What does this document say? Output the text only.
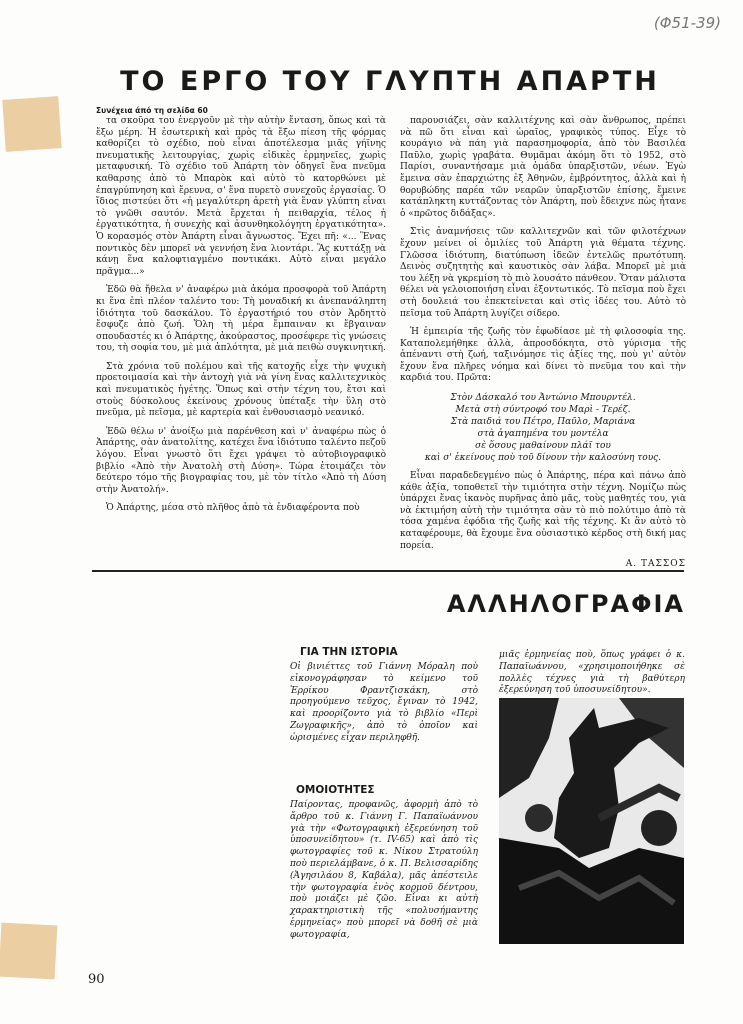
(Φ51-39)
ΤΟ ΕΡΓΟ ΤΟΥ ΓΛΥΠΤΗ ΑΠΑΡΤΗ
Συνέχεια άπό τη σελίδα 60

τα σκοῦρα του ἐνεργοῦν μὲ τὴν αὐτὴν ἔνταση, ὅπως καὶ τὰ ἔξω μέρη. Ἡ ἐσωτερικὴ καὶ πρὸς τὰ ἔξω πίεση τῆς φόρμας καθορίζει τὸ σχέδιο, ποὺ εἶναι ἀποτέλεσμα μιᾶς γήϊνης πνευματικῆς λειτουργίας, χωρὶς εἰδικὲς ἑρμηνεῖες, χωρὶς μεταφυσική. Τὸ σχέδιο τοῦ Ἀπάρτη τὸν ὁδηγεῖ ἕνα πνεῦμα καθαρσης ἀπὸ τὸ Μπαρὸκ καὶ αὐτὸ τὸ κατορθώνει μὲ ἐπαγρύπνηση καὶ ἔρευνα, σ' ἕνα πυρετὸ συνεχοῦς ἐργασίας. Ὁ ἴδιος πιστεύει ὅτι «ἡ μεγαλύτερη ἀρετὴ γιὰ ἕναν γλύπτη εἶναι τὸ γνῶθι σαυτόν. Μετὰ ἔρχεται ἡ πειθαρχία, τέλος ἡ ἐργατικότητα, ἡ συνεχὴς καὶ ἀσυνθηκολόγητη ἐργατικότητα». Ὁ κορασμός στὸν Ἀπάρτη εἶναι ἄγνωστος. Ἔχει πῆ: «... Ἕνας ποντικὸς δὲν μπορεῖ νὰ γεννήση ἕνα λιοντάρι. Ἂς κυττάξῃ νὰ κάνῃ ἕνα καλοφτιαγμένο ποντικάκι. Αὐτὸ εἶναι μεγάλο πρᾶγμα...»

Ἐδῶ θὰ ἤθελα ν' ἀναφέρω μιὰ ἀκόμα προσφορὰ τοῦ Ἀπάρτη κι ἕνα ἐπὶ πλέον ταλέντο του: Τὴ μοναδική κι ἀνεπανάληπτη ἰδιότητα τοῦ δασκάλου. Τὸ ἐργαστήριό του στὸν Ἀρδηττὸ ἔσφυζε ἀπὸ ζωή. Ὅλη τὴ μέρα ἔμπαιναν κι ἔβγαιναν σπουδαστές κι ὁ Ἀπάρτης, ἀκούραστος, προσέφερε τὶς γνώσεις του, τὴ σοφία του, μὲ μιὰ ἁπλότητα, μὲ μιὰ πειθὼ συγκινητική.

Στὰ χρόνια τοῦ πολέμου καὶ τῆς κατοχῆς εἶχε τὴν ψυχικὴ προετοιμασία καὶ τὴν ἀντοχὴ γιὰ νὰ γίνη ἕνας καλλιτεχνικὸς καὶ πνευματικὸς ἡγέτης. Ὅπως καὶ στὴν τέχνη του, ἔτσι καὶ στοὺς δύσκολους ἐκείνους χρόνους ὑπέταξε τὴν ὕλη στὸ πνεῦμα, μὲ πεῖσμα, μὲ καρτερία καὶ ἐνθουσιασμὸ νεανικό.

Ἐδῶ θέλω ν' ἀνοίξω μιὰ παρένθεση καὶ ν' ἀναφέρω πὼς ὁ Ἀπάρτης, σὰν ἀνατολίτης, κατέχει ἕνα ἰδιότυπο ταλέντο πεζοῦ λόγου. Εἶναι γνωστὸ ὅτι ἔχει γράψει τὸ αὐτοβιογραφικὸ βιβλίο «Ἀπὸ τὴν Ἀνατολὴ στὴ Δύση». Τώρα ἑτοιμάζει τὸν δεύτερο τόμο τῆς βιογραφίας του, μὲ τὸν τίτλο «Ἀπὸ τὴ Δύση στὴν Ἀνατολή».

Ὁ Ἀπάρτης, μέσα στὸ πλῆθος ἀπὸ τὰ ἐνδιαφέροντα ποὺ

παρουσιάζει, σὰν καλλιτέχνης καὶ σὰν ἄνθρωπος, πρέπει νὰ πῶ ὅτι εἶναι καὶ ὡραῖος, γραφικὸς τύπος. Εἶχε τὸ κουράγιο νὰ πάη γιὰ παρασημοφορία, ἀπὸ τὸν Βασιλέα Παῦλο, χωρὶς γραβάτα. Θυμᾶμαι ἀκόμη ὅτι τὸ 1952, στὸ Παρίσι, συναντήσαμε μιὰ ὁμάδα ὑπαρξιστῶν, νέων. Ἐγὼ ἔμεινα σὰν ἐπαρχιώτης ἐξ Ἀθηνῶν, ἐμβρόντητος, ἀλλὰ καὶ ἡ θορυβώδης παρέα τῶν νεαρῶν ὑπαρξιστῶν ἐπίσης, ἔμεινε κατάπληκτη κυττάζοντας τὸν Ἀπάρτη, ποὺ ἔδειχνε πὼς ἦτανε ὁ «πρῶτος διδάξας».

Στὶς ἀναμνήσεις τῶν καλλιτεχνῶν καὶ τῶν φιλοτέχνων ἔχουν μείνει οἱ ὁμιλίες τοῦ Ἀπάρτη γιὰ θέματα τέχνης. Γλῶσσα ἰδιότυπη, διατύπωση ἰδεῶν ἐντελῶς πρωτότυπη. Δεινὸς συζητητὴς καὶ καυστικὸς σὰν λάβα. Μπορεῖ μὲ μιὰ του λέξη νὰ γκρεμίση τὸ πιὸ λουσάτο πάνθεον. Ὅταν μάλιστα θέλει νὰ γελοιοποιήση εἶναι ἐξοντωτικός. Τὸ πεῖσμα ποὺ ἔχει στὴ δουλειά του ἐπεκτείνεται καὶ στὶς ἰδέες του. Αὐτὸ τὸ πεῖσμα τοῦ Ἀπάρτη λυγίζει σίδερο.

Ἡ ἐμπειρία τῆς ζωῆς τὸν ἐφωδίασε μὲ τὴ φιλοσοφία της. Καταπολεμήθηκε ἀλλὰ, ἀπροσδόκητα, στὸ γύρισμα τῆς ἀπέναντι στὴ ζωή, ταξινόμησε τὶς ἀξίες της, ποὺ γι' αὐτὸν ἔχουν ἕνα πλῆρες νόημα καὶ δίνει τὸ πνεῦμα του καὶ τὴν καρδιά του. Πρῶτα:

Στὸν Δάσκαλό του Ἀντώνιο Μπουρντέλ.

Μετὰ στὴ σύντροφό του Μαρὶ - Τερέζ.

Στὰ παιδιά του Πέτρο, Παῦλο, Μαριάνα

στὰ ἀγαπημένα του μοντέλα

σὲ ὅσους μαθαίνουν πλάϊ του

καὶ σ' ἐκείνους ποὺ τοῦ δίνουν τὴν καλοσύνη τους.

Εἶναι παραδεδεγμένο πὼς ὁ Ἀπάρτης, πέρα καὶ πάνω ἀπὸ κάθε ἀξία, τοποθετεῖ τὴν τιμιότητα στὴν τέχνη. Νομίζω πὼς ὑπάρχει ἕνας ἱκανὸς πυρῆνας ἀπὸ μᾶς, τοὺς μαθητές του, γιὰ νὰ ἐκτιμήση αὐτὴ τὴν τιμιότητα σὰν τὸ πιὸ πολύτιμο ἀπὸ τὰ τόσα χαμένα ἐφόδια τῆς ζωῆς καὶ τῆς τέχνης. Κι ἂν αὐτὸ τὸ καταφέρουμε, θὰ ἔχουμε ἕνα οὐσιαστικὸ κέρδος στὴ δική μας πορεία.

Α. ΤΑΣΣΟΣ

ΑΛΛΗΛΟΓΡΑΦΙΑ
ΓΙΑ ΤΗΝ ΙΣΤΟΡΙΑ
Οἱ βινιέττες τοῦ Γιάννη Μόραλη ποὺ εἰκονογράφησαν τὸ κείμενο τοῦ Ἐρρίκου Φραντζισκάκη, στὸ προηγούμενο τεῦχος, ἔγιναν τὸ 1942, καὶ προορίζοντο γιὰ τὸ βιβλίο «Περὶ Ζωγραφικῆς», ἀπὸ τὸ ὁποῖον καὶ ὡρισμένες εἶχαν περιληφθῆ.
ΟΜΟΙΟΤΗΤΕΣ
Παίροντας, προφανῶς, ἀφορμὴ ἀπὸ τὸ ἄρθρο τοῦ κ. Γιάννη Γ. Παπαϊωάννου γιὰ τὴν «Φωτογραφικὴ ἐξερεύνηση τοῦ ὑποσυνείδητου» (τ. IV-65) καὶ ἀπὸ τὶς φωτογραφίες τοῦ κ. Νίκου Στρατούλη ποὺ περιελάμβανε, ὁ κ. Π. Βελισσαρίδης (Ἀγησιλάου 8, Καβάλα), μᾶς ἀπέστειλε τὴν φωτογραφία ἑνὸς κορμοῦ δέντρου, ποὺ μοιάζει μὲ ζῶο. Εἶναι κι αὐτὴ χαρακτηριστικὴ τῆς «πολυσήμαντης ἑρμηνείας» ποὺ μπορεῖ νὰ δοθῆ σὲ μιὰ φωτογραφία,
μιᾶς ἑρμηνείας ποὺ, ὅπως γράφει ὁ κ. Παπαϊωάννου, «χρησιμοποιήθηκε σὲ πολλὲς τέχνες γιὰ τὴ βαθύτερη ἐξερεύνηση τοῦ ὑποσυνείδητου».
90
